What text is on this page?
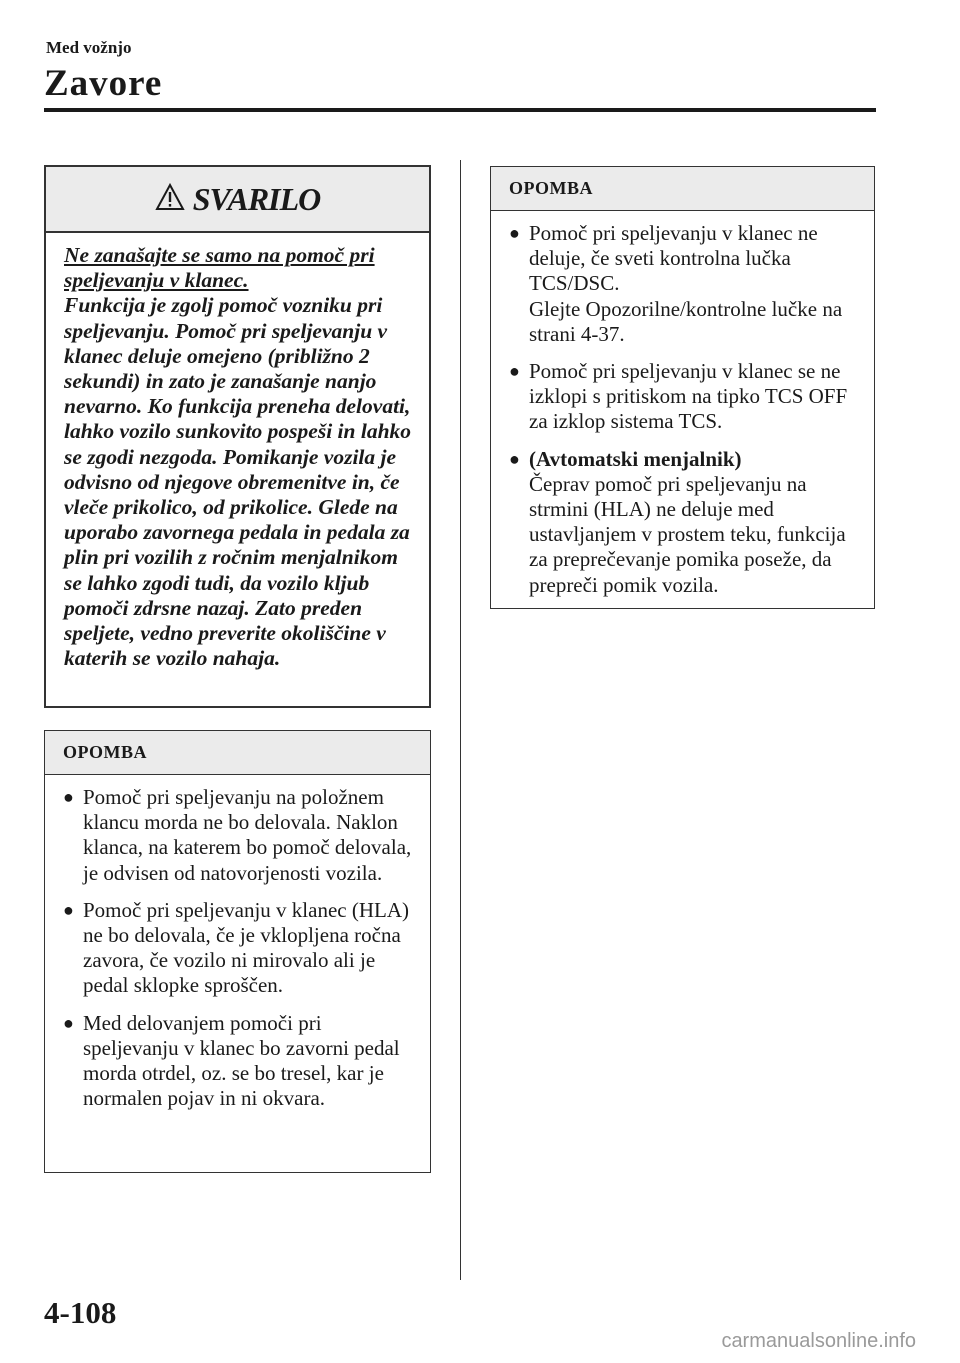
Med vožnjo
Zavore
SVARILO
Ne zanašajte se samo na pomoč pri speljevanju v klanec.
Funkcija je zgolj pomoč vozniku pri speljevanju. Pomoč pri speljevanju v klanec deluje omejeno (približno 2 sekundi) in zato je zanašanje nanjo nevarno. Ko funkcija preneha delovati, lahko vozilo sunkovito pospeši in lahko se zgodi nezgoda. Pomikanje vozila je odvisno od njegove obremenitve in, če vleče prikolico, od prikolice. Glede na uporabo zavornega pedala in pedala za plin pri vozilih z ročnim menjalnikom se lahko zgodi tudi, da vozilo kljub pomoči zdrsne nazaj. Zato preden speljete, vedno preverite okoliščine v katerih se vozilo nahaja.
OPOMBA
● Pomoč pri speljevanju na položnem klancu morda ne bo delovala. Naklon klanca, na katerem bo pomoč delovala, je odvisen od natovorjenosti vozila.
● Pomoč pri speljevanju v klanec (HLA) ne bo delovala, če je vklopljena ročna zavora, če vozilo ni mirovalo ali je pedal sklopke sproščen.
● Med delovanjem pomoči pri speljevanju v klanec bo zavorni pedal morda otrdel, oz. se bo tresel, kar je normalen pojav in ni okvara.
OPOMBA
● Pomoč pri speljevanju v klanec ne deluje, če sveti kontrolna lučka TCS/DSC.
Glejte Opozorilne/kontrolne lučke na strani 4-37.
● Pomoč pri speljevanju v klanec se ne izklopi s pritiskom na tipko TCS OFF za izklop sistema TCS.
● (Avtomatski menjalnik)
Čeprav pomoč pri speljevanju na strmini (HLA) ne deluje med ustavljanjem v prostem teku, funkcija za preprečevanje pomika poseže, da prepreči pomik vozila.
4-108
carmanualsonline.info
